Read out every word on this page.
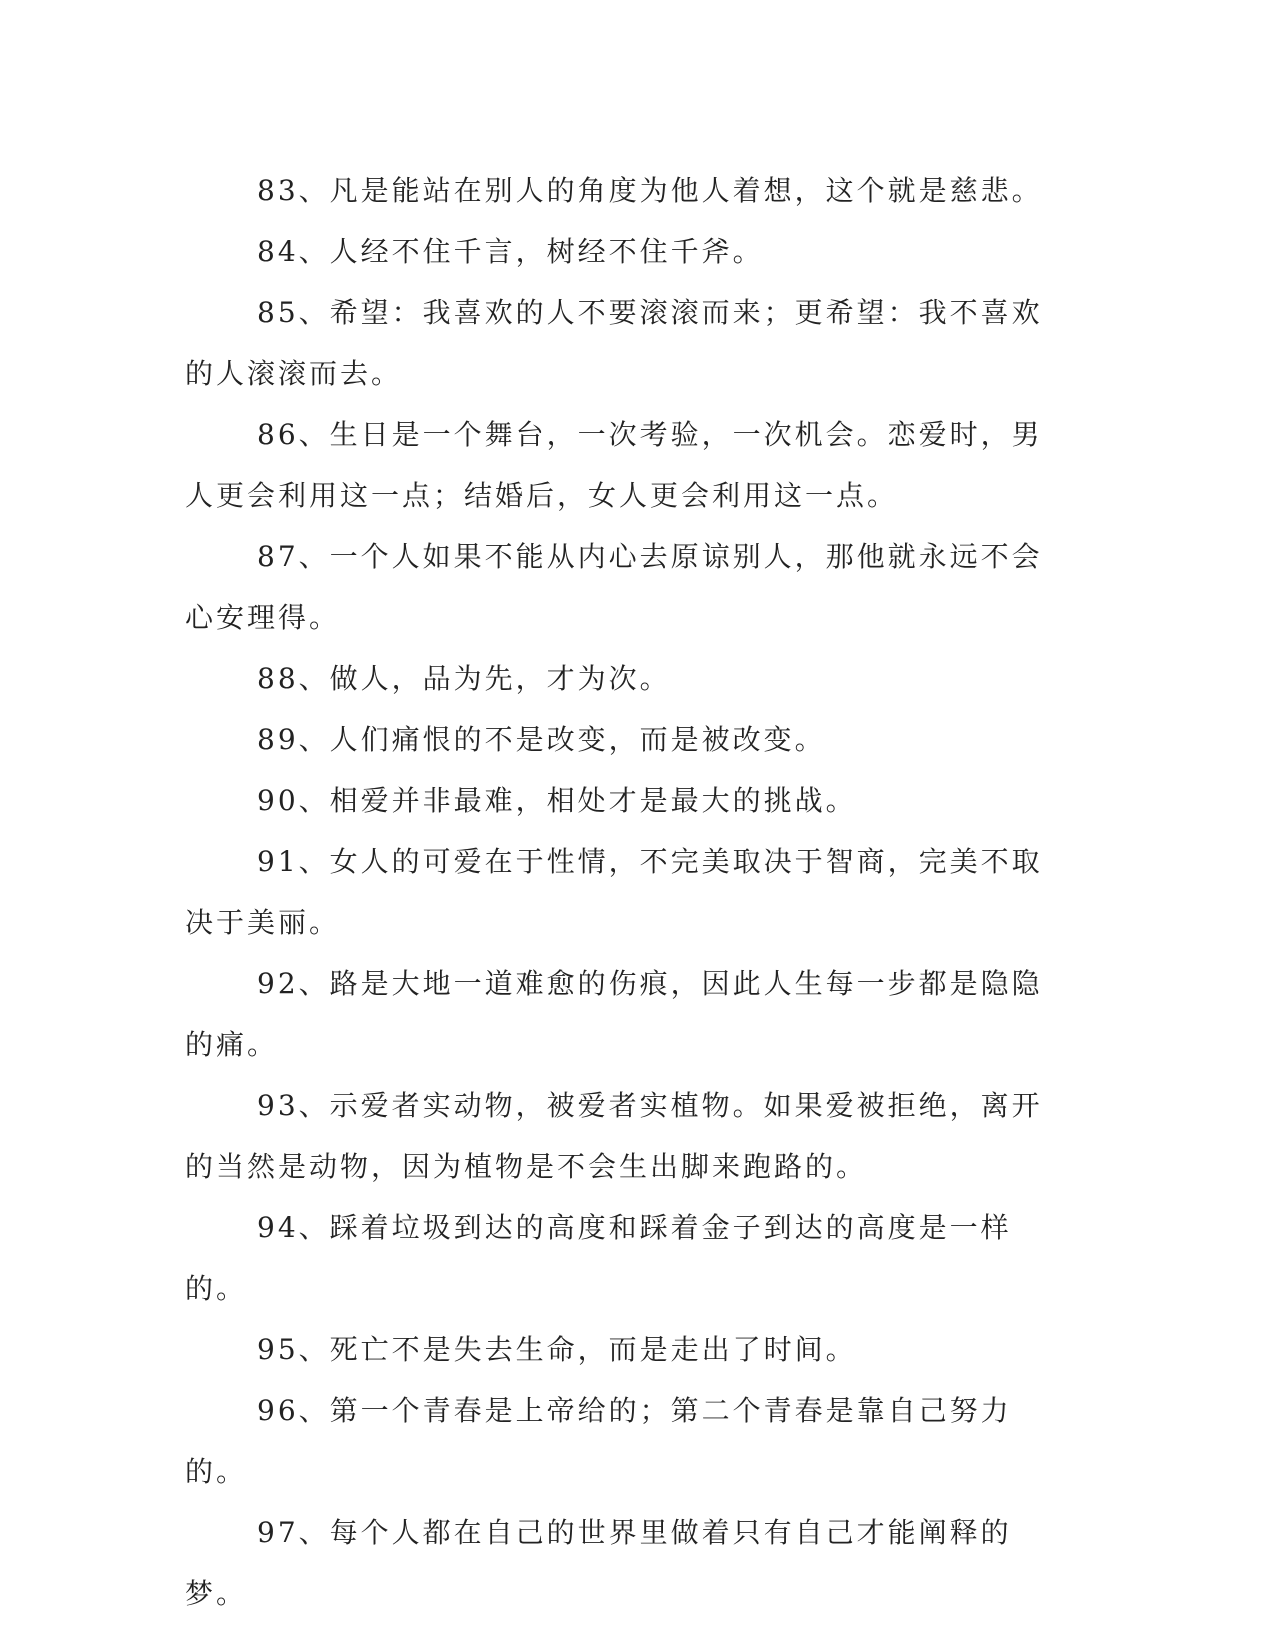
83、凡是能站在别人的角度为他人着想，这个就是慈悲。

84、人经不住千言，树经不住千斧。

85、希望：我喜欢的人不要滚滚而来；更希望：我不喜欢的人滚滚而去。

86、生日是一个舞台，一次考验，一次机会。恋爱时，男人更会利用这一点；结婚后，女人更会利用这一点。

87、一个人如果不能从内心去原谅别人，那他就永远不会心安理得。

88、做人，品为先，才为次。

89、人们痛恨的不是改变，而是被改变。

90、相爱并非最难，相处才是最大的挑战。

91、女人的可爱在于性情，不完美取决于智商，完美不取决于美丽。

92、路是大地一道难愈的伤痕，因此人生每一步都是隐隐的痛。

93、示爱者实动物，被爱者实植物。如果爱被拒绝，离开的当然是动物，因为植物是不会生出脚来跑路的。

94、踩着垃圾到达的高度和踩着金子到达的高度是一样的。

95、死亡不是失去生命，而是走出了时间。

96、第一个青春是上帝给的；第二个青春是靠自己努力的。

97、每个人都在自己的世界里做着只有自己才能阐释的梦。
